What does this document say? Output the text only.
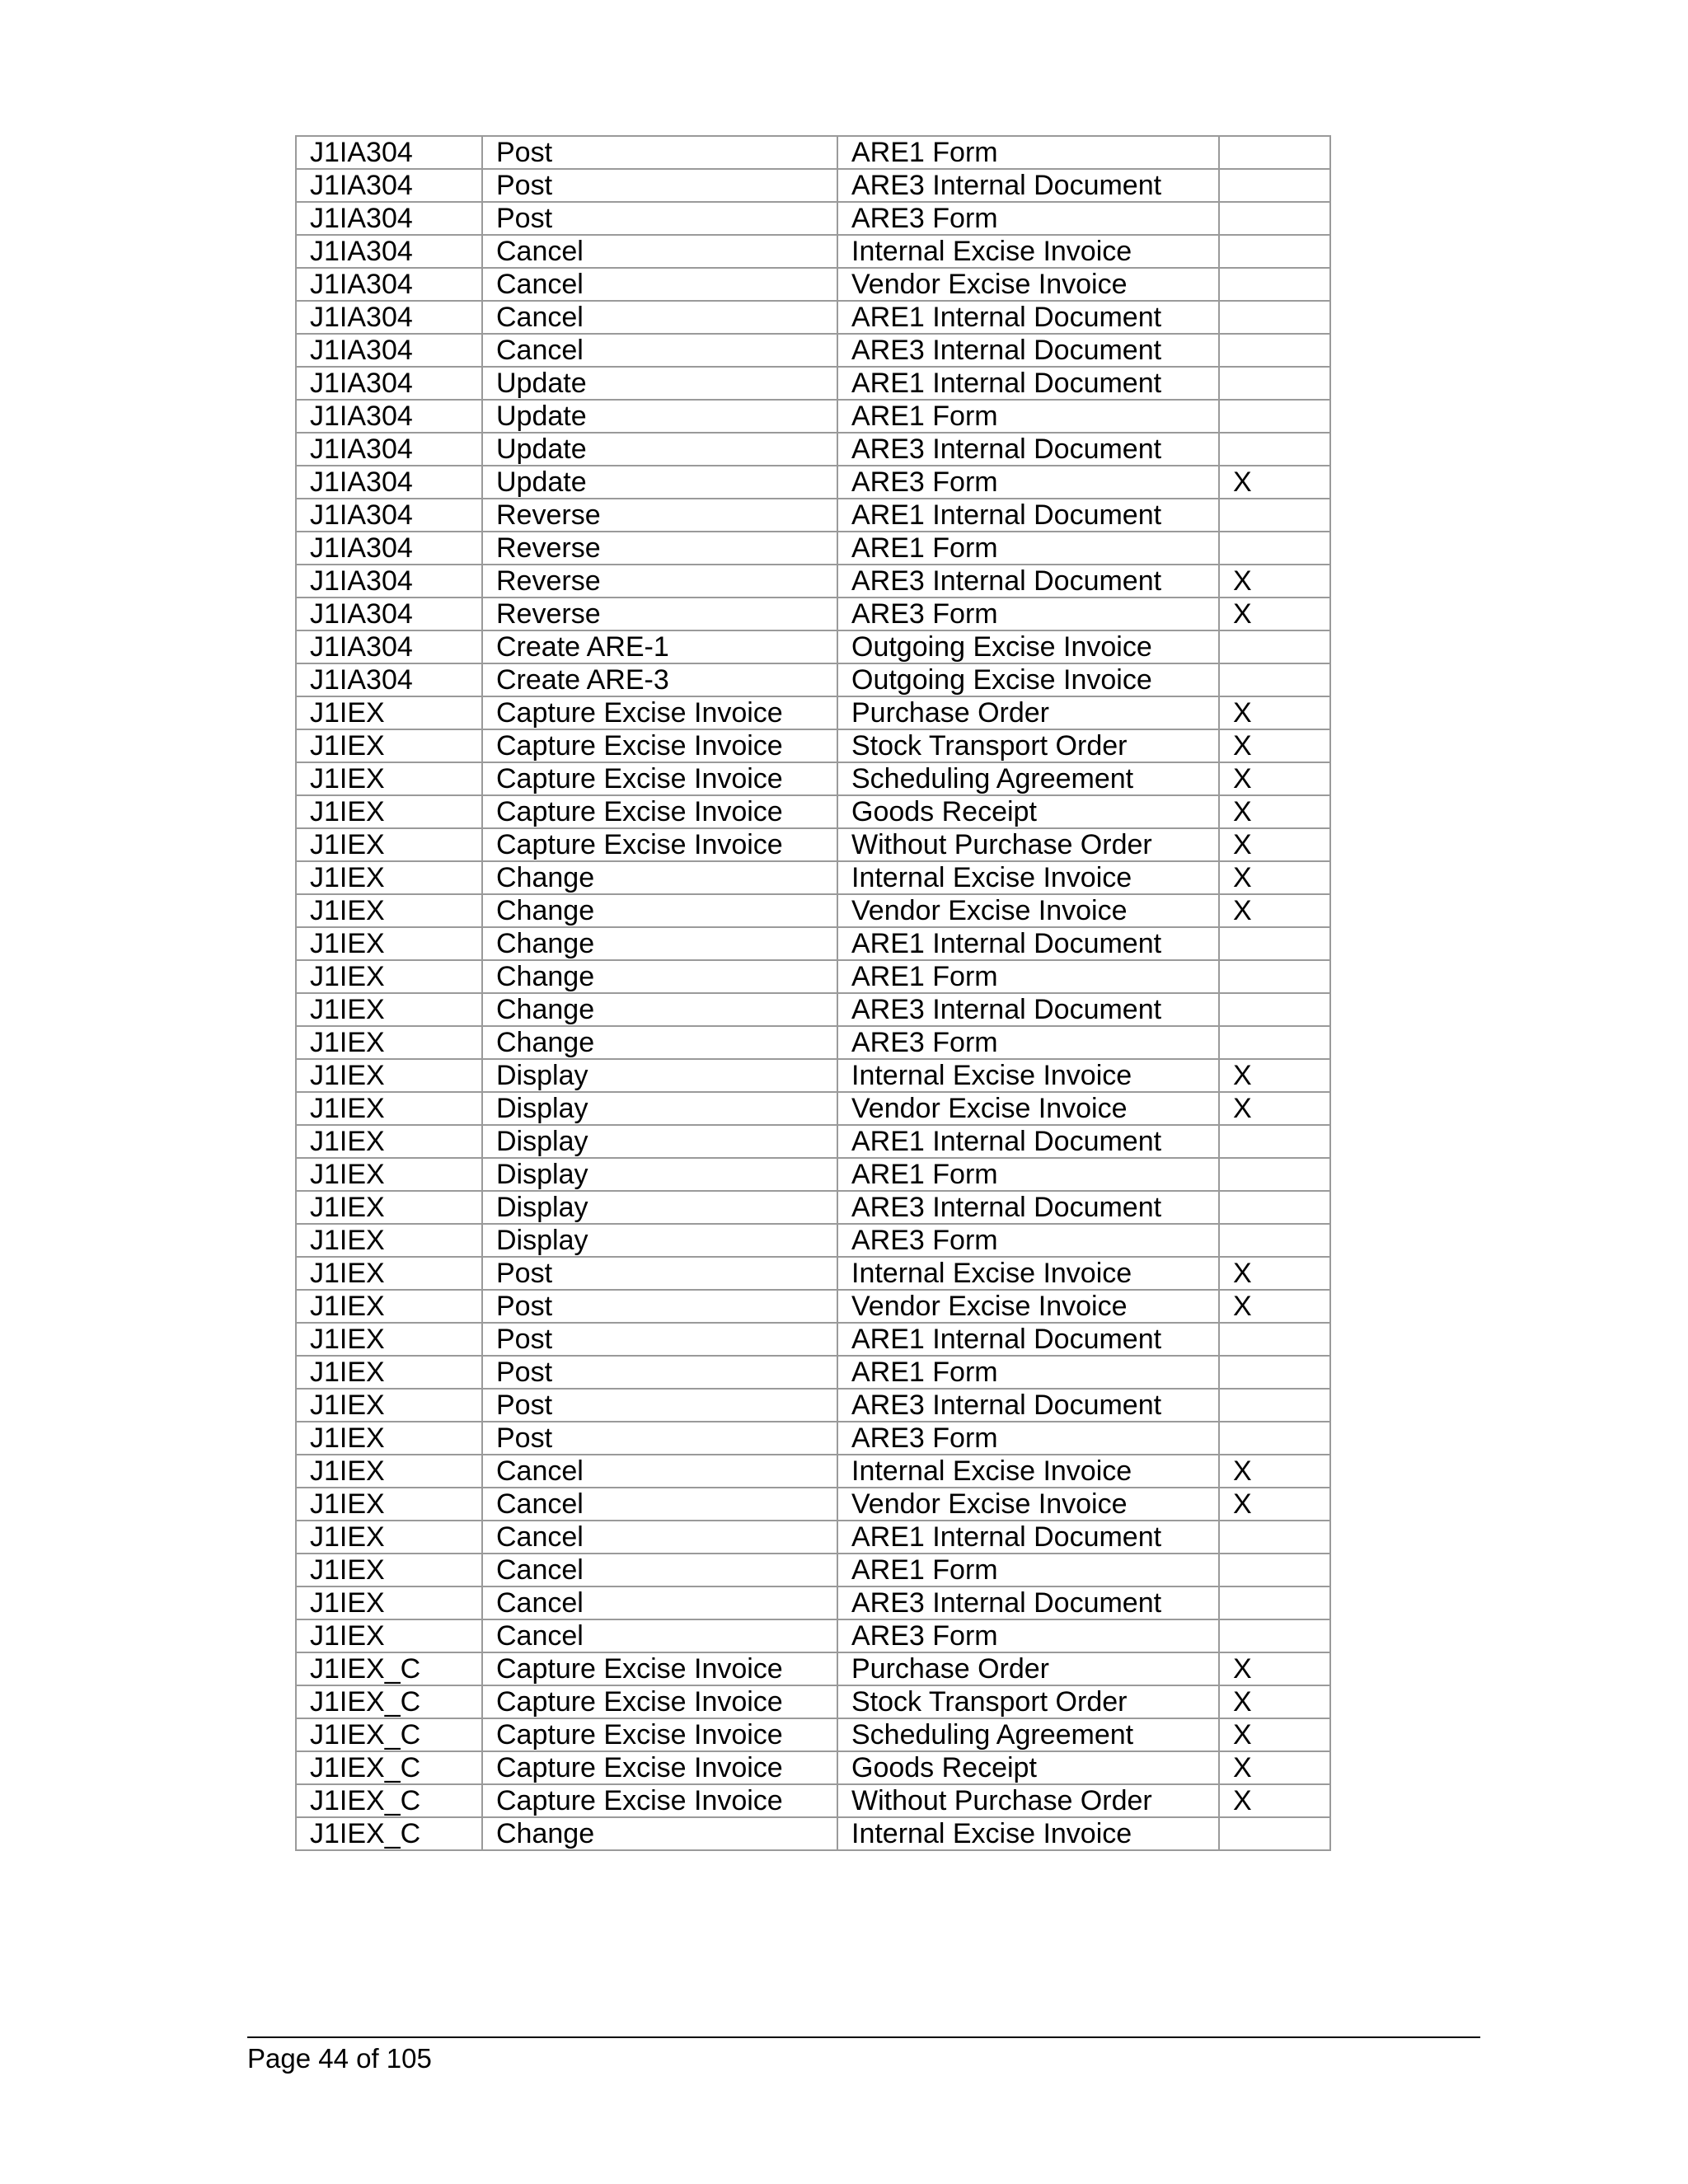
J1IA304	Post	ARE1 Form	
J1IA304	Post	ARE3 Internal Document	
J1IA304	Post	ARE3 Form	
J1IA304	Cancel	Internal Excise Invoice	
J1IA304	Cancel	Vendor Excise Invoice	
J1IA304	Cancel	ARE1 Internal Document	
J1IA304	Cancel	ARE3 Internal Document	
J1IA304	Update	ARE1 Internal Document	
J1IA304	Update	ARE1 Form	
J1IA304	Update	ARE3 Internal Document	
J1IA304	Update	ARE3 Form	X
J1IA304	Reverse	ARE1 Internal Document	
J1IA304	Reverse	ARE1 Form	
J1IA304	Reverse	ARE3 Internal Document	X
J1IA304	Reverse	ARE3 Form	X
J1IA304	Create ARE-1	Outgoing Excise Invoice	
J1IA304	Create ARE-3	Outgoing Excise Invoice	
J1IEX	Capture Excise Invoice	Purchase Order	X
J1IEX	Capture Excise Invoice	Stock Transport Order	X
J1IEX	Capture Excise Invoice	Scheduling Agreement	X
J1IEX	Capture Excise Invoice	Goods Receipt	X
J1IEX	Capture Excise Invoice	Without Purchase Order	X
J1IEX	Change	Internal Excise Invoice	X
J1IEX	Change	Vendor Excise Invoice	X
J1IEX	Change	ARE1 Internal Document	
J1IEX	Change	ARE1 Form	
J1IEX	Change	ARE3 Internal Document	
J1IEX	Change	ARE3 Form	
J1IEX	Display	Internal Excise Invoice	X
J1IEX	Display	Vendor Excise Invoice	X
J1IEX	Display	ARE1 Internal Document	
J1IEX	Display	ARE1 Form	
J1IEX	Display	ARE3 Internal Document	
J1IEX	Display	ARE3 Form	
J1IEX	Post	Internal Excise Invoice	X
J1IEX	Post	Vendor Excise Invoice	X
J1IEX	Post	ARE1 Internal Document	
J1IEX	Post	ARE1 Form	
J1IEX	Post	ARE3 Internal Document	
J1IEX	Post	ARE3 Form	
J1IEX	Cancel	Internal Excise Invoice	X
J1IEX	Cancel	Vendor Excise Invoice	X
J1IEX	Cancel	ARE1 Internal Document	
J1IEX	Cancel	ARE1 Form	
J1IEX	Cancel	ARE3 Internal Document	
J1IEX	Cancel	ARE3 Form	
J1IEX_C	Capture Excise Invoice	Purchase Order	X
J1IEX_C	Capture Excise Invoice	Stock Transport Order	X
J1IEX_C	Capture Excise Invoice	Scheduling Agreement	X
J1IEX_C	Capture Excise Invoice	Goods Receipt	X
J1IEX_C	Capture Excise Invoice	Without Purchase Order	X
J1IEX_C	Change	Internal Excise Invoice	
Page 44 of 105
